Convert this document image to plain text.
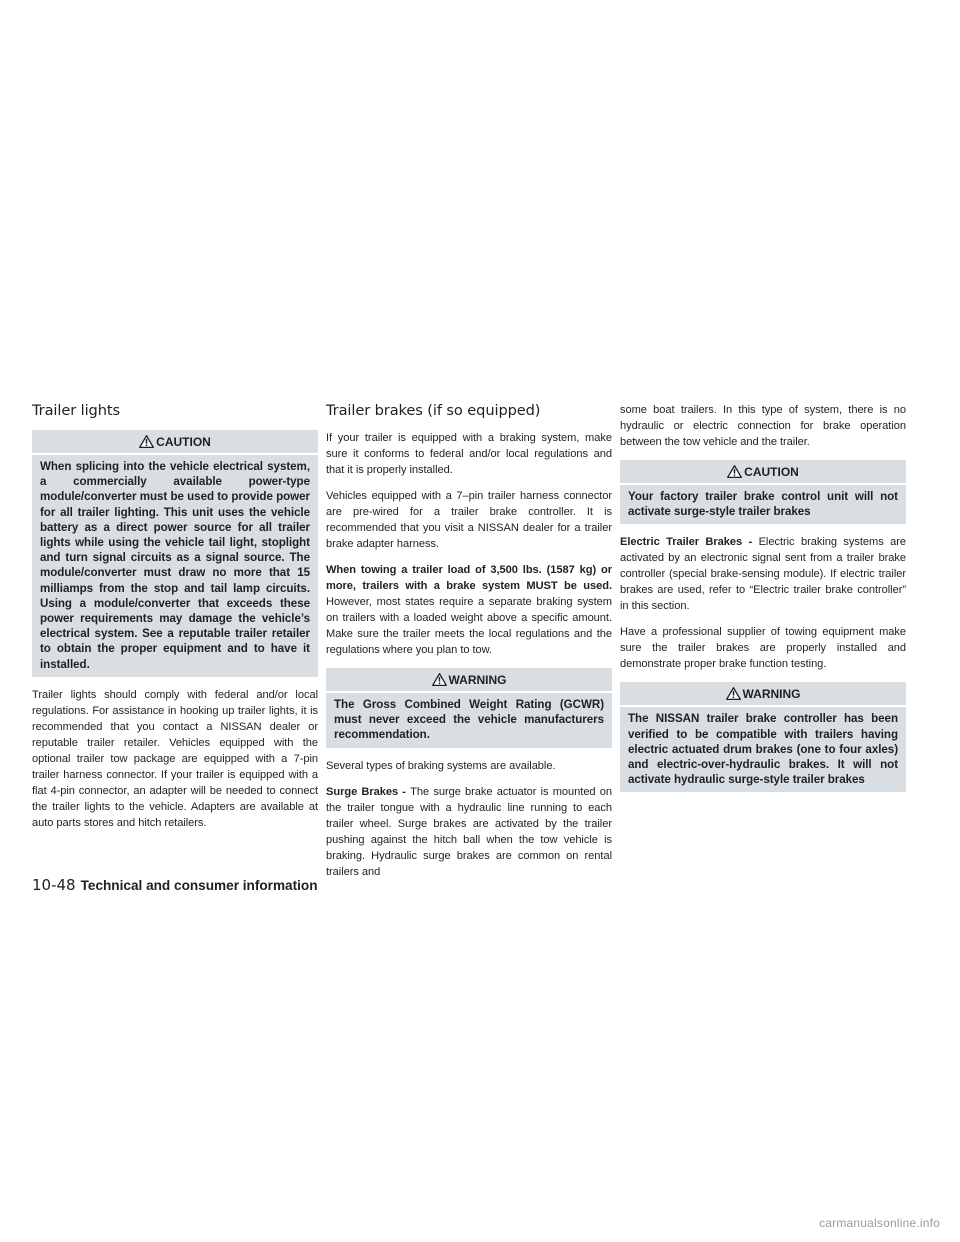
Trailer lights
CAUTION
When splicing into the vehicle electrical system, a commercially available power-type module/converter must be used to provide power for all trailer lighting. This unit uses the vehicle battery as a direct power source for all trailer lights while using the vehicle tail light, stoplight and turn signal circuits as a signal source. The module/converter must draw no more that 15 milliamps from the stop and tail lamp circuits. Using a module/converter that exceeds these power requirements may damage the vehicle’s electrical system. See a reputable trailer retailer to obtain the proper equipment and to have it installed.

Trailer lights should comply with federal and/or local regulations. For assistance in hooking up trailer lights, it is recommended that you contact a NISSAN dealer or reputable trailer retailer. Vehicles equipped with the optional trailer tow package are equipped with a 7-pin trailer harness connector. If your trailer is equipped with a flat 4-pin connector, an adapter will be needed to connect the trailer lights to the vehicle. Adapters are available at auto parts stores and hitch retailers.

Trailer brakes (if so equipped)

If your trailer is equipped with a braking system, make sure it conforms to federal and/or local regulations and that it is properly installed.

Vehicles equipped with a 7–pin trailer harness connector are pre-wired for a trailer brake controller. It is recommended that you visit a NISSAN dealer for a trailer brake adapter harness.

When towing a trailer load of 3,500 lbs. (1587 kg) or more, trailers with a brake system MUST be used. However, most states require a separate braking system on trailers with a loaded weight above a specific amount. Make sure the trailer meets the local regulations and the regulations where you plan to tow.

WARNING
The Gross Combined Weight Rating (GCWR) must never exceed the vehicle manufacturers recommendation.

Several types of braking systems are available.

Surge Brakes - The surge brake actuator is mounted on the trailer tongue with a hydraulic line running to each trailer wheel. Surge brakes are activated by the trailer pushing against the hitch ball when the tow vehicle is braking. Hydraulic surge brakes are common on rental trailers and

some boat trailers. In this type of system, there is no hydraulic or electric connection for brake operation between the tow vehicle and the trailer.

CAUTION
Your factory trailer brake control unit will not activate surge-style trailer brakes

Electric Trailer Brakes - Electric braking systems are activated by an electronic signal sent from a trailer brake controller (special brake-sensing module). If electric trailer brakes are used, refer to “Electric trailer brake controller” in this section.

Have a professional supplier of towing equipment make sure the trailer brakes are properly installed and demonstrate proper brake function testing.

WARNING
The NISSAN trailer brake controller has been verified to be compatible with trailers having electric actuated drum brakes (one to four axles) and electric-over-hydraulic brakes. It will not activate hydraulic surge-style trailer brakes
10-48 Technical and consumer information
carmanualsonline.info
